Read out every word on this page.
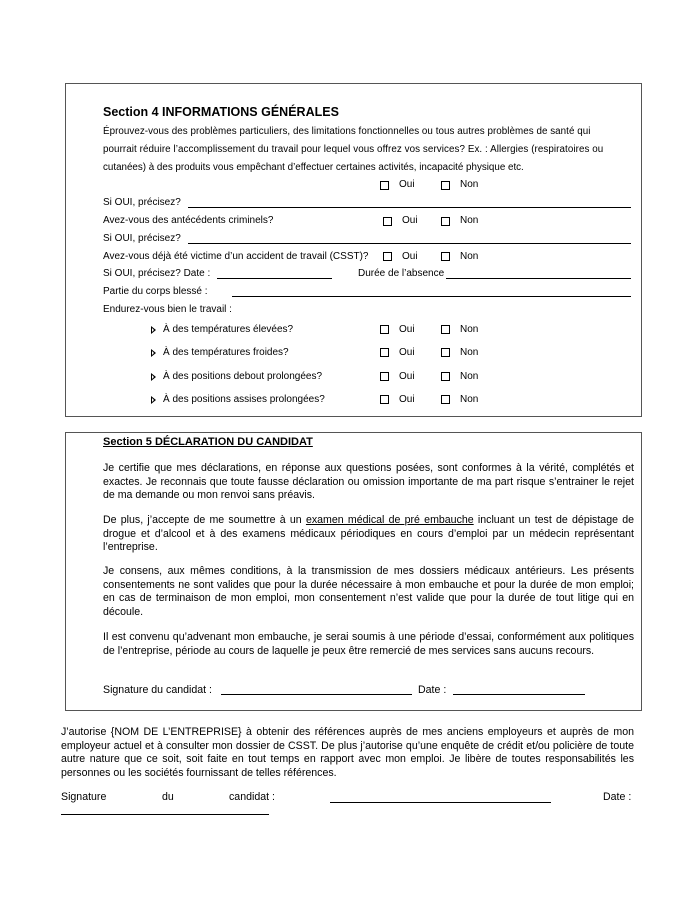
Section 4 INFORMATIONS GÉNÉRALES
Éprouvez-vous des problèmes particuliers, des limitations fonctionnelles ou tous autres problèmes de santé qui
pourrait réduire l’accomplissement du travail pour lequel vous offrez vos services? Ex. : Allergies (respiratoires ou
cutanées) à des produits vous empêchant d’effectuer certaines activités, incapacité physique etc.
Oui	Non
Si OUI, précisez?
Avez-vous des antécédents criminels?	Oui	Non
Si OUI, précisez?
Avez-vous déjà été victime d’un accident de travail (CSST)?	Oui	Non
Si OUI, précisez? Date :	Durée de l’absence
Partie du corps blessé :
Endurez-vous bien le travail :
À des températures élevées?	Oui	Non
À des températures froides?	Oui	Non
À des positions debout prolongées?	Oui	Non
À des positions assises prolongées?	Oui	Non
Section 5 DÉCLARATION DU CANDIDAT
Je certifie que mes déclarations, en réponse aux questions posées, sont conformes à la vérité, complétés et exactes. Je reconnais que toute fausse déclaration ou omission importante de ma part risque s’entrainer le rejet de ma demande ou mon renvoi sans préavis.
De plus, j’accepte de me soumettre à un examen médical de pré embauche incluant un test de dépistage de drogue et d’alcool et à des examens médicaux périodiques en cours d’emploi par un médecin représentant l’entreprise.
Je consens, aux mêmes conditions, à la transmission de mes dossiers médicaux antérieurs. Les présents consentements ne sont valides que pour la durée nécessaire à mon embauche et pour la durée de mon emploi; en cas de terminaison de mon emploi, mon consentement n’est valide que pour la durée de tout litige qui en découle.
Il est convenu qu’advenant mon embauche, je serai soumis à une période d’essai, conformément aux politiques de l’entreprise, période au cours de laquelle je peux être remercié de mes services sans aucuns recours.
Signature du candidat :	Date :
J’autorise {NOM DE L’ENTREPRISE} à obtenir des références auprès de mes anciens employeurs et auprès de mon employeur actuel et à consulter mon dossier de CSST. De plus j’autorise qu’une enquête de crédit et/ou policière de toute autre nature que ce soit, soit faite en tout temps en rapport avec mon emploi. Je libère de toutes responsabilités les personnes ou les sociétés fournissant de telles références.
Signature	du	candidat :	Date :
